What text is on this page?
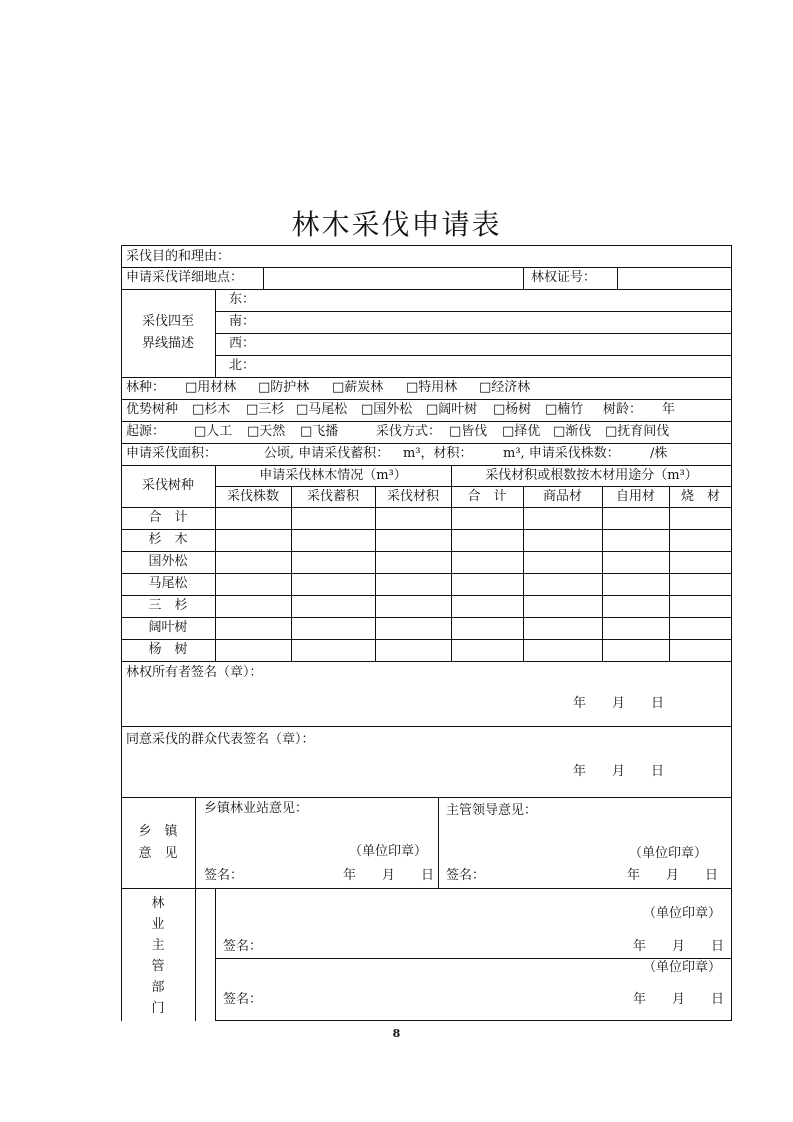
林木采伐申请表
采伐目的和理由：
申请采伐详细地点：	林权证号：
采伐四至
界线描述
东：
南：
西：
北：
林种： □用材林 □防护林 □薪炭林 □特用林 □经济林
优势树种 □杉木 □三杉 □马尾松 □国外松 □阔叶树 □杨树 □楠竹 树龄： 年
起源： □人工 □天然 □飞播	采伐方式： □皆伐 □择优 □渐伐 □抚育间伐
申请采伐面积：	公顷, 申请采伐蓄积： m³，材积： m³, 申请采伐株数： /株
采伐树种
申请采伐林木情况（m³）	采伐材积或根数按木材用途分（m³）
采伐株数	采伐蓄积	采伐材积	合　计	商品材	自用材	烧　材
合　计
杉　木
国外松
马尾松
三　杉
阔叶树
杨　树
林权所有者签名（章）：
年　　月　　日
同意采伐的群众代表签名（章）：
年　　月　　日
乡　镇
意　见
乡镇林业站意见：
（单位印章）
签名：	年　　月　　日
主管领导意见：
（单位印章）
签名：	年　　月　　日
林
业
主
管
部
门
（单位印章）
签名：	年　　月　　日
（单位印章）
签名：	年　　月　　日
8
